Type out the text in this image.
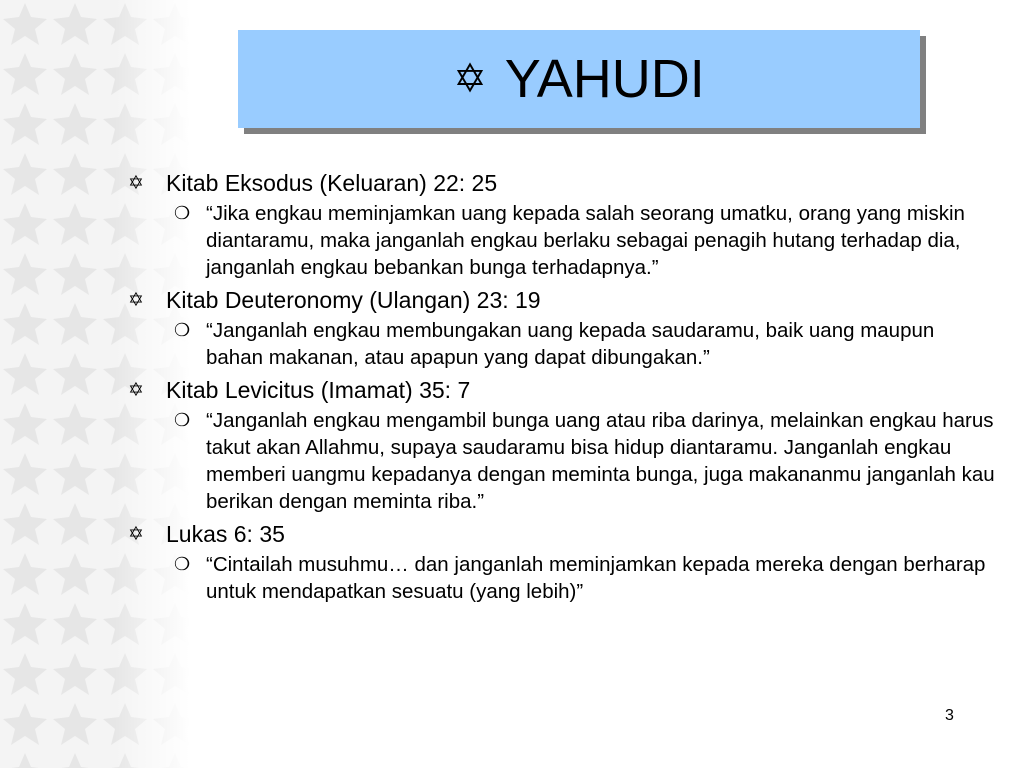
✡ YAHUDI
✡ Kitab Eksodus (Keluaran) 22: 25
❍ “Jika engkau meminjamkan uang kepada salah seorang umatku, orang yang miskin diantaramu, maka janganlah engkau berlaku sebagai penagih hutang terhadap dia, janganlah engkau bebankan bunga terhadapnya.”
✡ Kitab Deuteronomy (Ulangan) 23: 19
❍ “Janganlah engkau membungakan uang kepada saudaramu, baik uang maupun bahan makanan, atau apapun yang dapat dibungakan.”
✡ Kitab Levicitus (Imamat) 35: 7
❍ “Janganlah engkau mengambil bunga uang atau riba darinya, melainkan engkau harus takut akan Allahmu, supaya saudaramu bisa hidup diantaramu. Janganlah engkau memberi uangmu kepadanya dengan meminta bunga, juga makananmu janganlah kau berikan dengan meminta riba.”
✡ Lukas 6: 35
❍ “Cintailah musuhmu… dan janganlah meminjamkan kepada mereka dengan berharap untuk mendapatkan sesuatu (yang lebih)”
3
